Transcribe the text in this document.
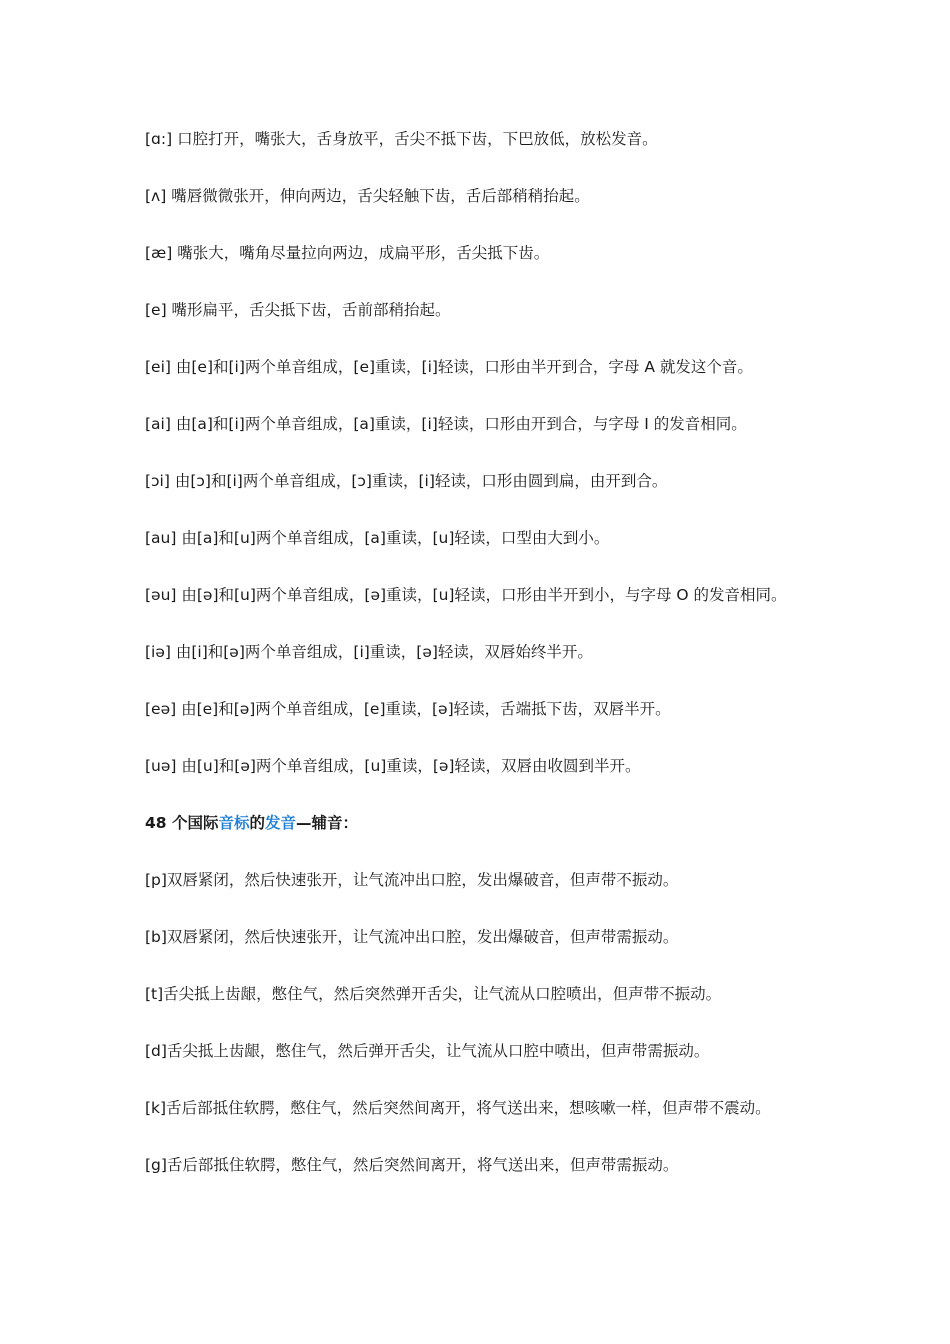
[ɑ:] 口腔打开，嘴张大，舌身放平，舌尖不抵下齿，下巴放低，放松发音。
[ʌ] 嘴唇微微张开，伸向两边，舌尖轻触下齿，舌后部稍稍抬起。
[æ] 嘴张大，嘴角尽量拉向两边，成扁平形，舌尖抵下齿。
[e] 嘴形扁平，舌尖抵下齿，舌前部稍抬起。
[ei] 由[e]和[i]两个单音组成，[e]重读，[i]轻读，口形由半开到合，字母 A 就发这个音。
[ai] 由[a]和[i]两个单音组成，[a]重读，[i]轻读，口形由开到合，与字母 I 的发音相同。
[ɔi] 由[ɔ]和[i]两个单音组成，[ɔ]重读，[i]轻读，口形由圆到扁，由开到合。
[au] 由[a]和[u]两个单音组成，[a]重读，[u]轻读，口型由大到小。
[əu] 由[ə]和[u]两个单音组成，[ə]重读，[u]轻读，口形由半开到小，与字母 O 的发音相同。
[iə] 由[i]和[ə]两个单音组成，[i]重读，[ə]轻读，双唇始终半开。
[eə] 由[e]和[ə]两个单音组成，[e]重读，[ə]轻读，舌端抵下齿，双唇半开。
[uə] 由[u]和[ə]两个单音组成，[u]重读，[ə]轻读，双唇由收圆到半开。
48 个国际音标的发音—辅音：
[p]双唇紧闭，然后快速张开，让气流冲出口腔，发出爆破音，但声带不振动。
[b]双唇紧闭，然后快速张开，让气流冲出口腔，发出爆破音，但声带需振动。
[t]舌尖抵上齿龈，憋住气，然后突然弹开舌尖，让气流从口腔喷出，但声带不振动。
[d]舌尖抵上齿龈，憋住气，然后弹开舌尖，让气流从口腔中喷出，但声带需振动。
[k]舌后部抵住软腭，憋住气，然后突然间离开，将气送出来，想咳嗽一样，但声带不震动。
[g]舌后部抵住软腭，憋住气，然后突然间离开，将气送出来，但声带需振动。
